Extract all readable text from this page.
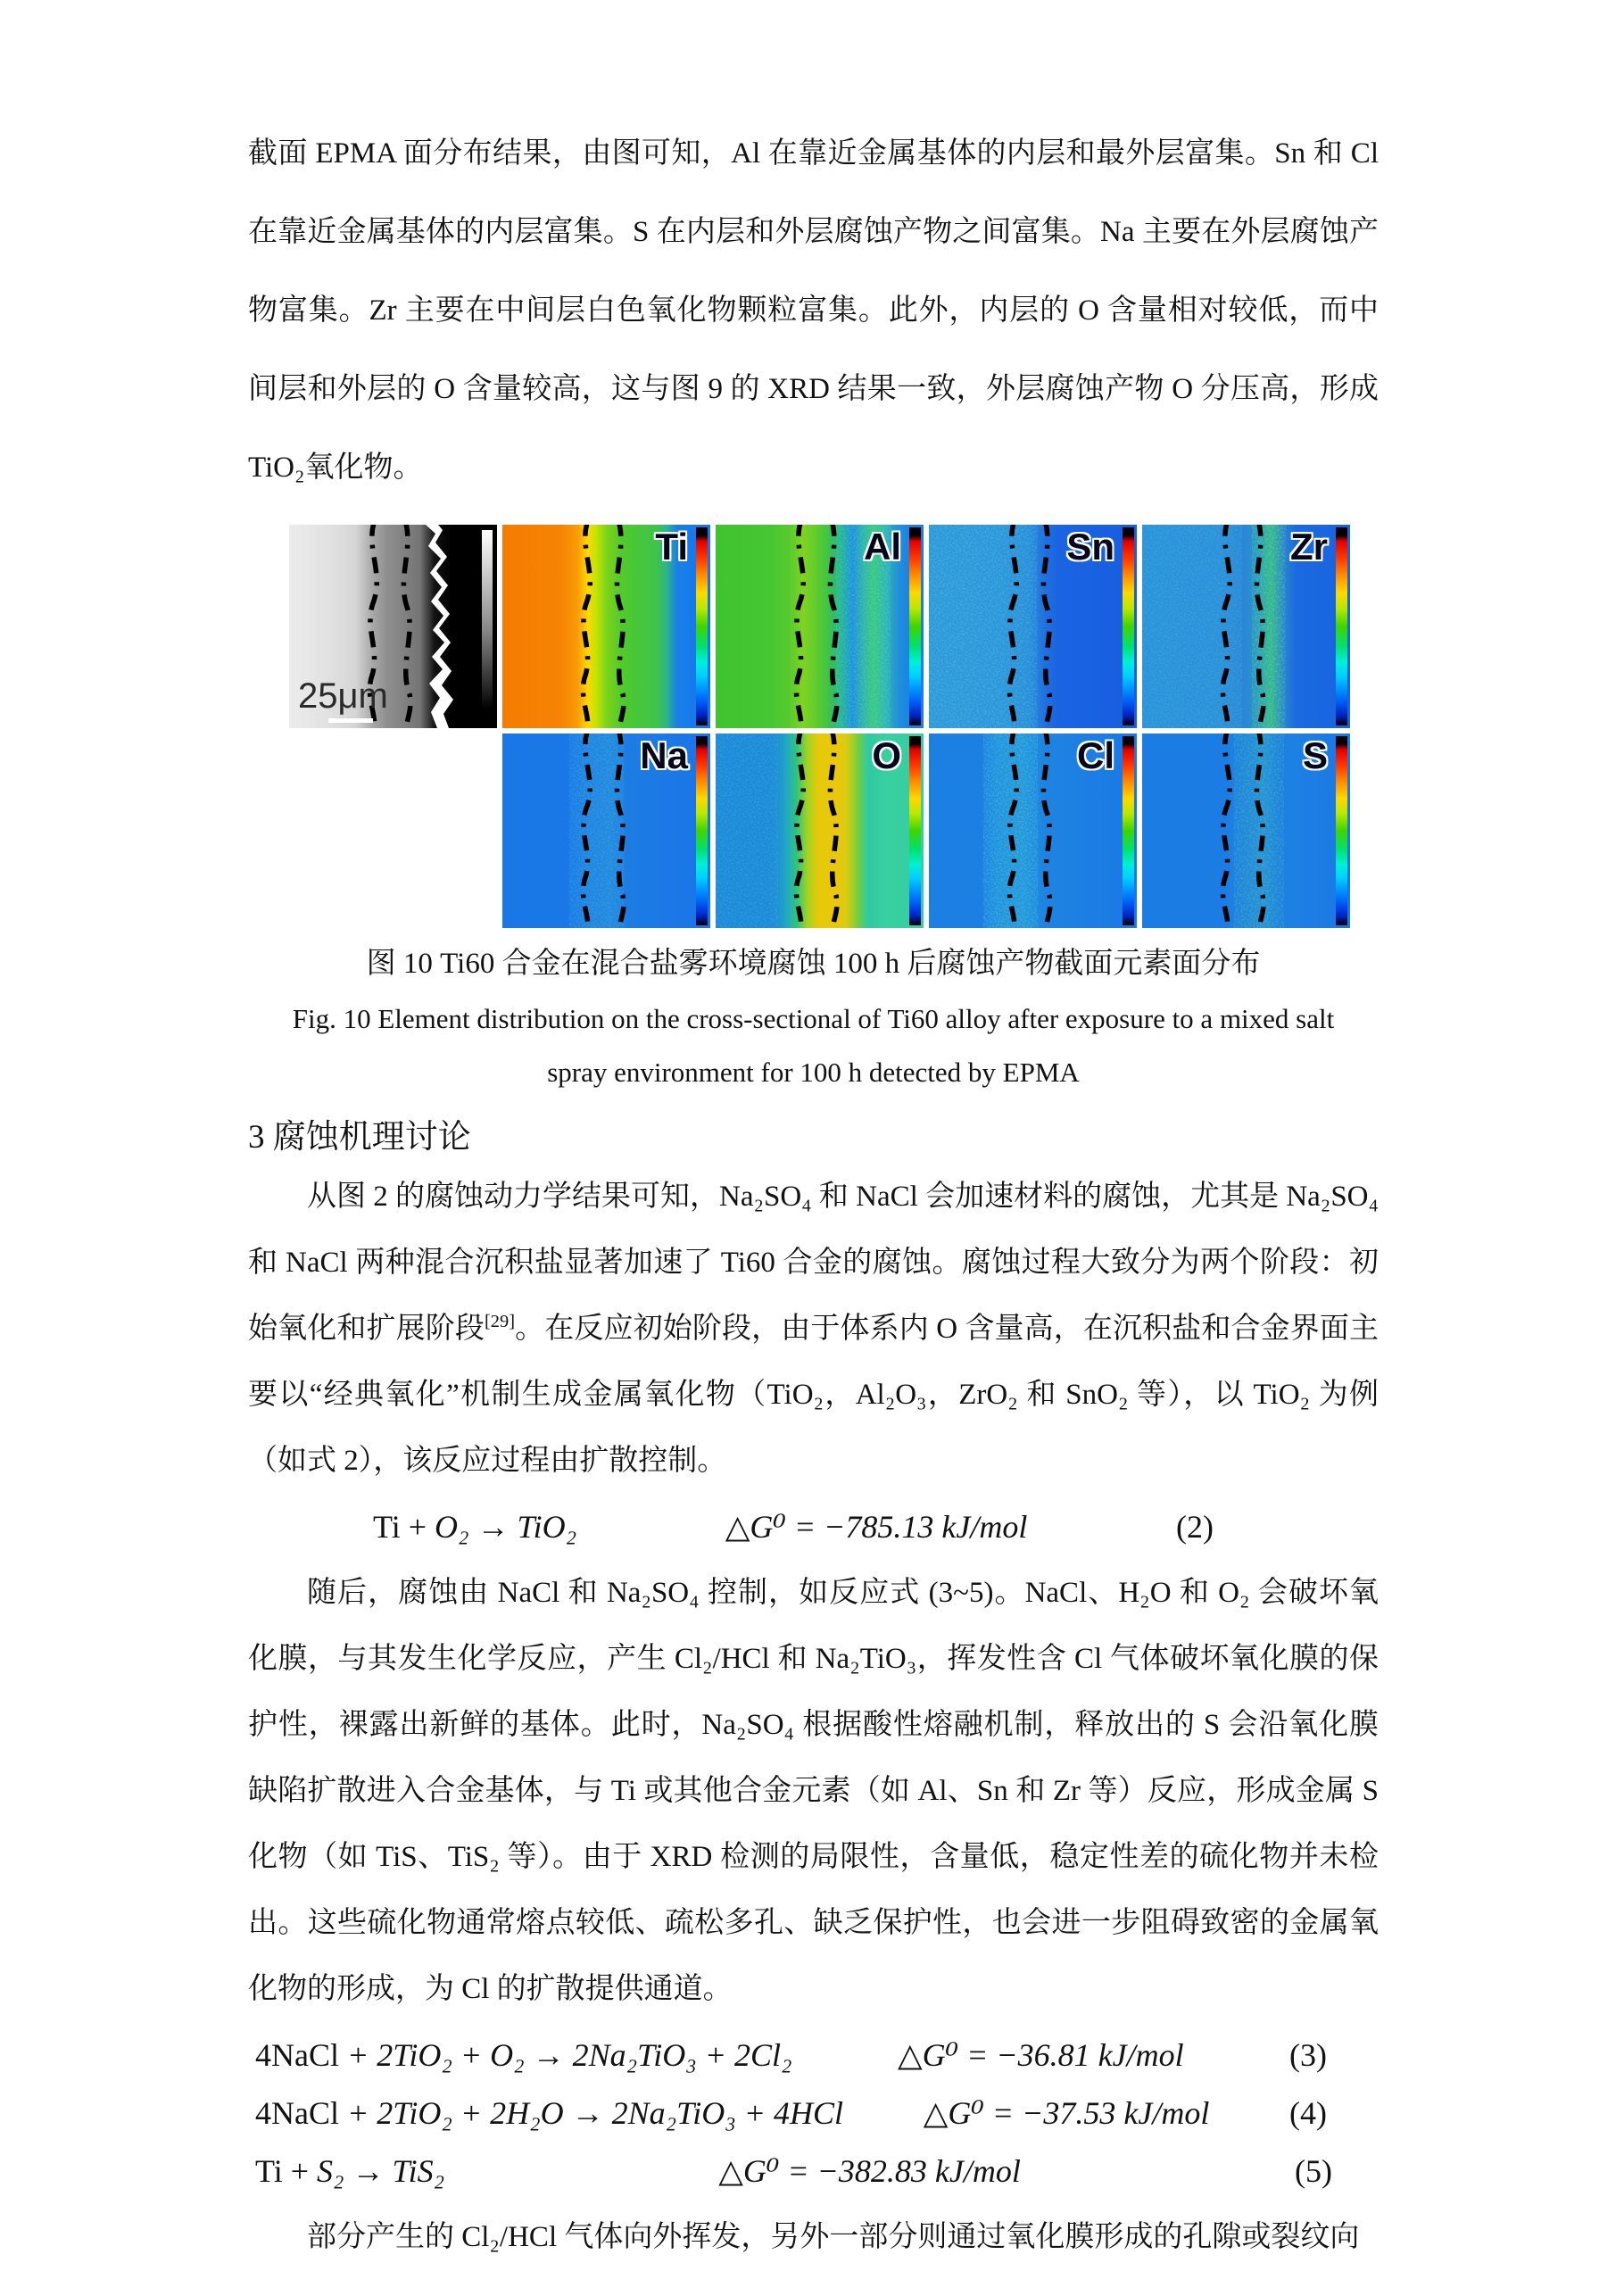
截面 EPMA 面分布结果，由图可知，Al 在靠近金属基体的内层和最外层富集。Sn 和 Cl 在靠近金属基体的内层富集。S 在内层和外层腐蚀产物之间富集。Na 主要在外层腐蚀产物富集。Zr 主要在中间层白色氧化物颗粒富集。此外，内层的 O 含量相对较低，而中间层和外层的 O 含量较高，这与图 9 的 XRD 结果一致，外层腐蚀产物 O 分压高，形成 TiO₂氧化物。

25μm
Ti	Al	Sn	Zr
Na	O	Cl	S

图 10 Ti60 合金在混合盐雾环境腐蚀 100 h 后腐蚀产物截面元素面分布

Fig. 10 Element distribution on the cross-sectional of Ti60 alloy after exposure to a mixed salt
spray environment for 100 h detected by EPMA

3 腐蚀机理讨论

从图 2 的腐蚀动力学结果可知，Na₂SO₄ 和 NaCl 会加速材料的腐蚀，尤其是 Na₂SO₄ 和 NaCl 两种混合沉积盐显著加速了 Ti60 合金的腐蚀。腐蚀过程大致分为两个阶段：初始氧化和扩展阶段[29]。在反应初始阶段，由于体系内 O 含量高，在沉积盐和合金界面主要以“经典氧化”机制生成金属氧化物（TiO₂，Al₂O₃，ZrO₂ 和 SnO₂ 等），以 TiO₂ 为例（如式 2），该反应过程由扩散控制。

Ti + O₂ → TiO₂	△G⁰ = −785.13 kJ/mol	(2)

随后，腐蚀由 NaCl 和 Na₂SO₄ 控制，如反应式 (3~5)。NaCl、H₂O 和 O₂ 会破坏氧化膜，与其发生化学反应，产生 Cl₂/HCl 和 Na₂TiO₃，挥发性含 Cl 气体破坏氧化膜的保护性，裸露出新鲜的基体。此时，Na₂SO₄ 根据酸性熔融机制，释放出的 S 会沿氧化膜缺陷扩散进入合金基体，与 Ti 或其他合金元素（如 Al、Sn 和 Zr 等）反应，形成金属 S 化物（如 TiS、TiS₂ 等）。由于 XRD 检测的局限性，含量低，稳定性差的硫化物并未检出。这些硫化物通常熔点较低、疏松多孔、缺乏保护性，也会进一步阻碍致密的金属氧化物的形成，为 Cl 的扩散提供通道。

4NaCl + 2TiO₂ + O₂ → 2Na₂TiO₃ + 2Cl₂	△G⁰ = −36.81 kJ/mol	(3)
4NaCl + 2TiO₂ + 2H₂O → 2Na₂TiO₃ + 4HCl △G⁰ = −37.53 kJ/mol (4)
Ti + S₂ → TiS₂	△G⁰ = −382.83 kJ/mol	(5)

部分产生的 Cl₂/HCl 气体向外挥发，另外一部分则通过氧化膜形成的孔隙或裂纹向
